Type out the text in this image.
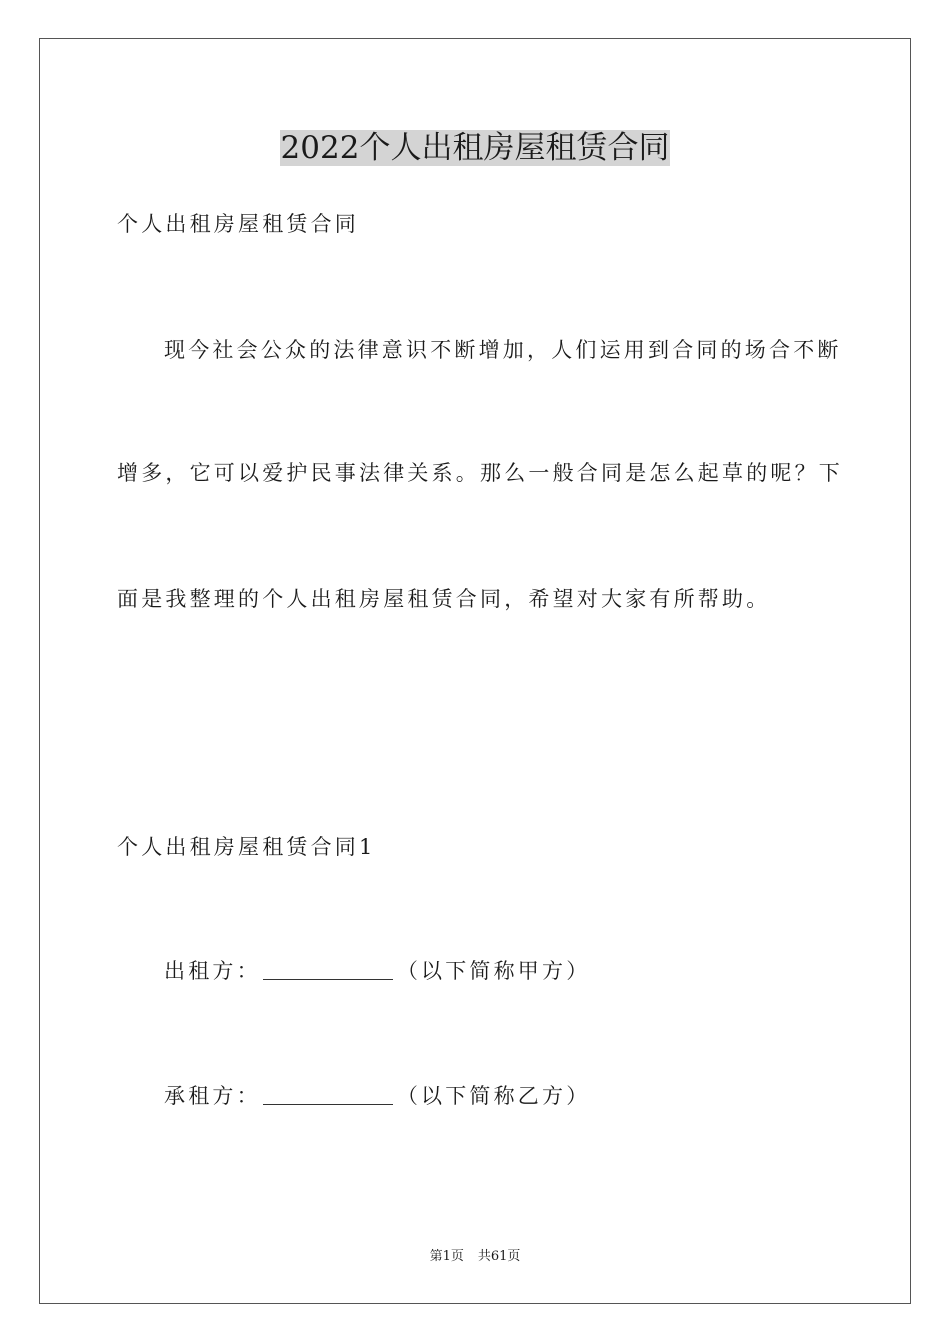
2022个人出租房屋租赁合同
个人出租房屋租赁合同
现今社会公众的法律意识不断增加，人们运用到合同的场合不断
增多，它可以爱护民事法律关系。那么一般合同是怎么起草的呢？下
面是我整理的个人出租房屋租赁合同，希望对大家有所帮助。
个人出租房屋租赁合同1
出租方：	（以下简称甲方）
承租方：	（以下简称乙方）
第1页 共61页
